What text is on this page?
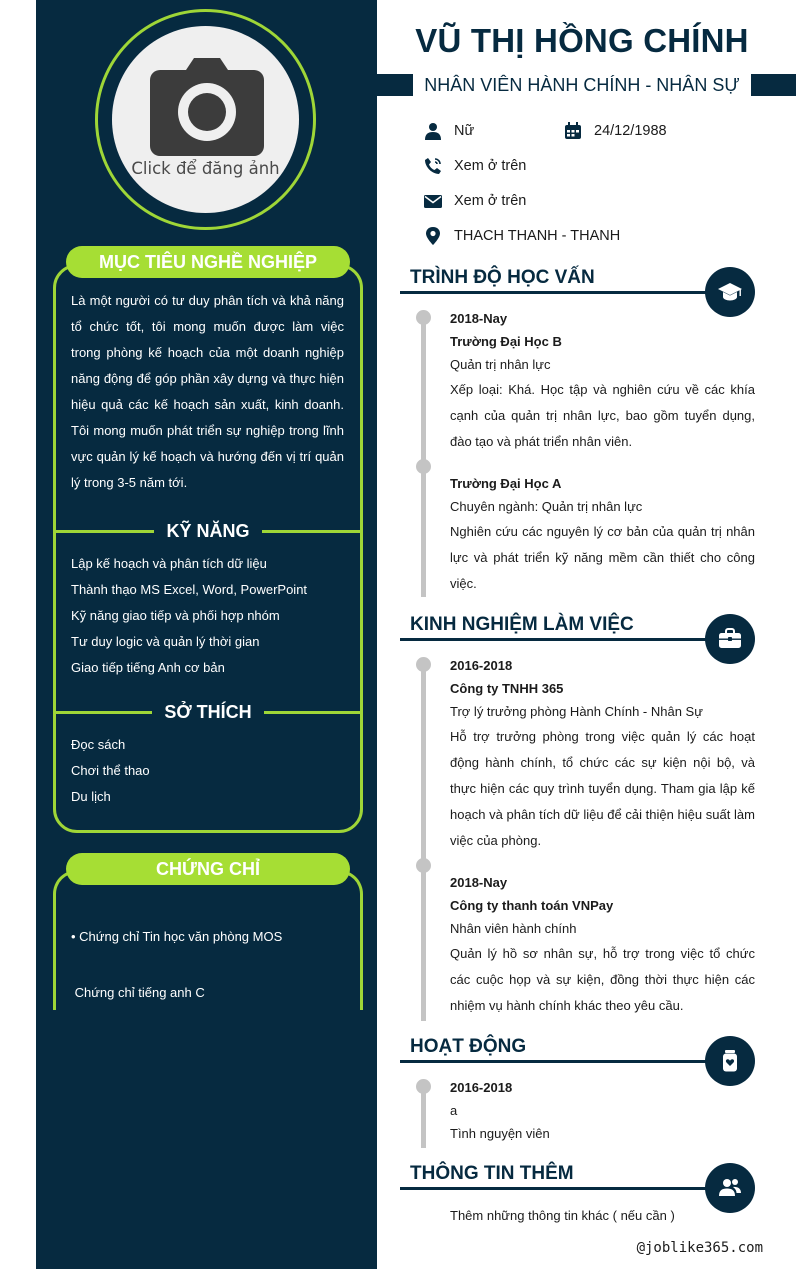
Click để đăng ảnh
MỤC TIÊU NGHỀ NGHIỆP
Là một người có tư duy phân tích và khả năng tổ chức tốt, tôi mong muốn được làm việc trong phòng kế hoạch của một doanh nghiệp năng động để góp phần xây dựng và thực hiện hiệu quả các kế hoạch sản xuất, kinh doanh. Tôi mong muốn phát triển sự nghiệp trong lĩnh vực quản lý kế hoạch và hướng đến vị trí quản lý trong 3-5 năm tới.
KỸ NĂNG
Lập kế hoạch và phân tích dữ liệu
Thành thạo MS Excel, Word, PowerPoint
Kỹ năng giao tiếp và phối hợp nhóm
Tư duy logic và quản lý thời gian
Giao tiếp tiếng Anh cơ bản
SỞ THÍCH
Đọc sách
Chơi thể thao
Du lịch
CHỨNG CHỈ

• Chứng chỉ Tin học văn phòng MOS

Chứng chỉ tiếng anh C

VŨ THỊ HỒNG CHÍNH
NHÂN VIÊN HÀNH CHÍNH - NHÂN SỰ
Nữ	24/12/1988
Xem ở trên
Xem ở trên
THACH THANH - THANH
TRÌNH ĐỘ HỌC VẤN
2018-Nay
Trường Đại Học B
Quản trị nhân lực
Xếp loại: Khá. Học tập và nghiên cứu về các khía cạnh của quản trị nhân lực, bao gồm tuyển dụng, đào tạo và phát triển nhân viên.
Trường Đại Học A
Chuyên ngành: Quản trị nhân lực
Nghiên cứu các nguyên lý cơ bản của quản trị nhân lực và phát triển kỹ năng mềm cần thiết cho công việc.
KINH NGHIỆM LÀM VIỆC
2016-2018
Công ty TNHH 365
Trợ lý trưởng phòng Hành Chính - Nhân Sự
Hỗ trợ trưởng phòng trong việc quản lý các hoạt động hành chính, tổ chức các sự kiện nội bộ, và thực hiện các quy trình tuyển dụng. Tham gia lập kế hoạch và phân tích dữ liệu để cải thiện hiệu suất làm việc của phòng.
2018-Nay
Công ty thanh toán VNPay
Nhân viên hành chính
Quản lý hồ sơ nhân sự, hỗ trợ trong việc tổ chức các cuộc họp và sự kiện, đồng thời thực hiện các nhiệm vụ hành chính khác theo yêu cầu.
HOẠT ĐỘNG
2016-2018
a
Tình nguyện viên
THÔNG TIN THÊM
Thêm những thông tin khác ( nếu cần )
@joblike365.com
